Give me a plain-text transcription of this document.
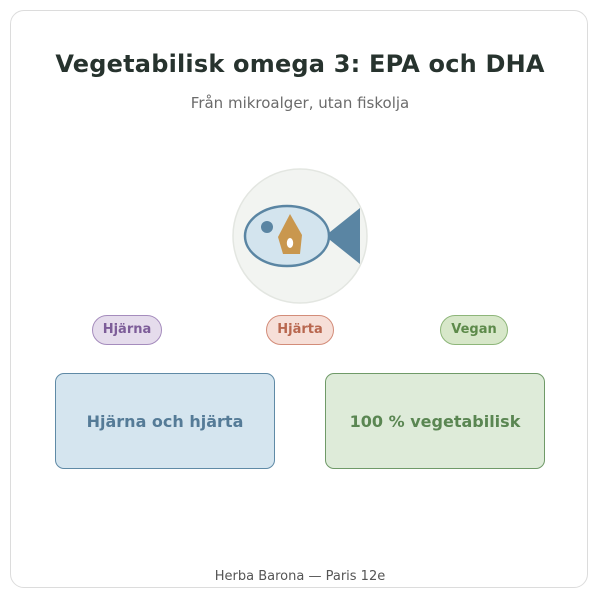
Vegetabilisk omega 3: EPA och DHA
Från mikroalger, utan fiskolja
Hjärna	Hjärta	Vegan
Hjärna och hjärta	100 % vegetabilisk
Herba Barona — Paris 12e
